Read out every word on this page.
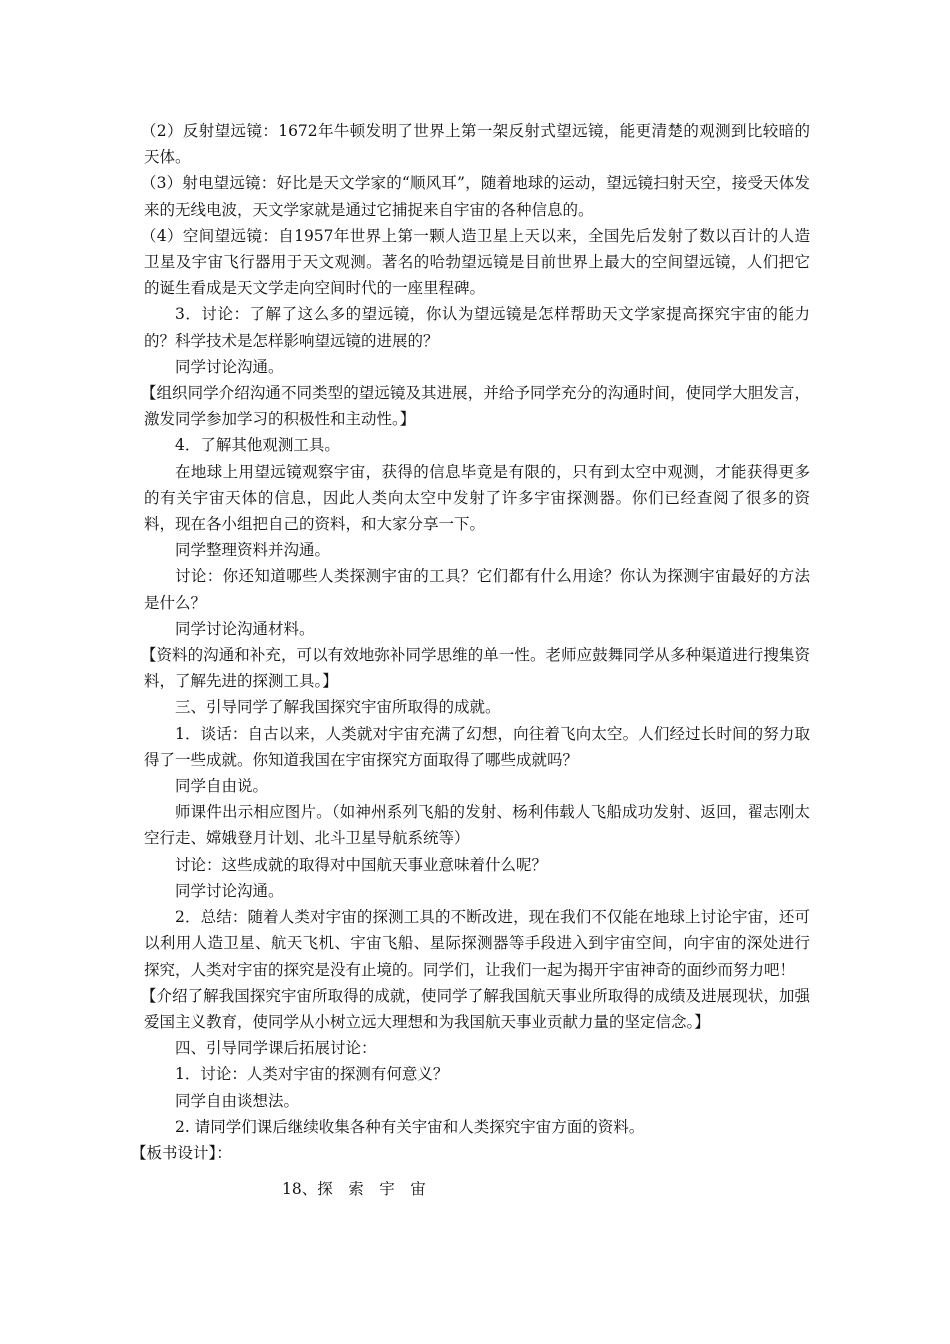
（2）反射望远镜：1672年牛顿发明了世界上第一架反射式望远镜，能更清楚的观测到比较暗的天体。

（3）射电望远镜：好比是天文学家的“顺风耳”，随着地球的运动，望远镜扫射天空，接受天体发来的无线电波，天文学家就是通过它捕捉来自宇宙的各种信息的。

（4）空间望远镜：自1957年世界上第一颗人造卫星上天以来，全国先后发射了数以百计的人造卫星及宇宙飞行器用于天文观测。著名的哈勃望远镜是目前世界上最大的空间望远镜，人们把它的诞生看成是天文学走向空间时代的一座里程碑。

3．讨论：了解了这么多的望远镜，你认为望远镜是怎样帮助天文学家提高探究宇宙的能力的？科学技术是怎样影响望远镜的进展的？

同学讨论沟通。

【组织同学介绍沟通不同类型的望远镜及其进展，并给予同学充分的沟通时间，使同学大胆发言，激发同学参加学习的积极性和主动性。】

4．了解其他观测工具。

在地球上用望远镜观察宇宙，获得的信息毕竟是有限的，只有到太空中观测，才能获得更多的有关宇宙天体的信息，因此人类向太空中发射了许多宇宙探测器。你们已经查阅了很多的资料，现在各小组把自己的资料，和大家分享一下。

同学整理资料并沟通。

讨论：你还知道哪些人类探测宇宙的工具？它们都有什么用途？你认为探测宇宙最好的方法是什么？

同学讨论沟通材料。

【资料的沟通和补充，可以有效地弥补同学思维的单一性。老师应鼓舞同学从多种渠道进行搜集资料，了解先进的探测工具。】

三、引导同学了解我国探究宇宙所取得的成就。

1．谈话：自古以来，人类就对宇宙充满了幻想，向往着飞向太空。人们经过长时间的努力取得了一些成就。你知道我国在宇宙探究方面取得了哪些成就吗？

同学自由说。

师课件出示相应图片。（如神州系列飞船的发射、杨利伟载人飞船成功发射、返回，翟志刚太空行走、嫦娥登月计划、北斗卫星导航系统等）

讨论：这些成就的取得对中国航天事业意味着什么呢？

同学讨论沟通。

2．总结：随着人类对宇宙的探测工具的不断改进，现在我们不仅能在地球上讨论宇宙，还可以利用人造卫星、航天飞机、宇宙飞船、星际探测器等手段进入到宇宙空间，向宇宙的深处进行探究，人类对宇宙的探究是没有止境的。同学们，让我们一起为揭开宇宙神奇的面纱而努力吧！

【介绍了解我国探究宇宙所取得的成就，使同学了解我国航天事业所取得的成绩及进展现状，加强爱国主义教育，使同学从小树立远大理想和为我国航天事业贡献力量的坚定信念。】

四、引导同学课后拓展讨论：

1．讨论：人类对宇宙的探测有何意义？

同学自由谈想法。

2. 请同学们课后继续收集各种有关宇宙和人类探究宇宙方面的资料。

【板书设计】：

18、探　索　宇　宙
